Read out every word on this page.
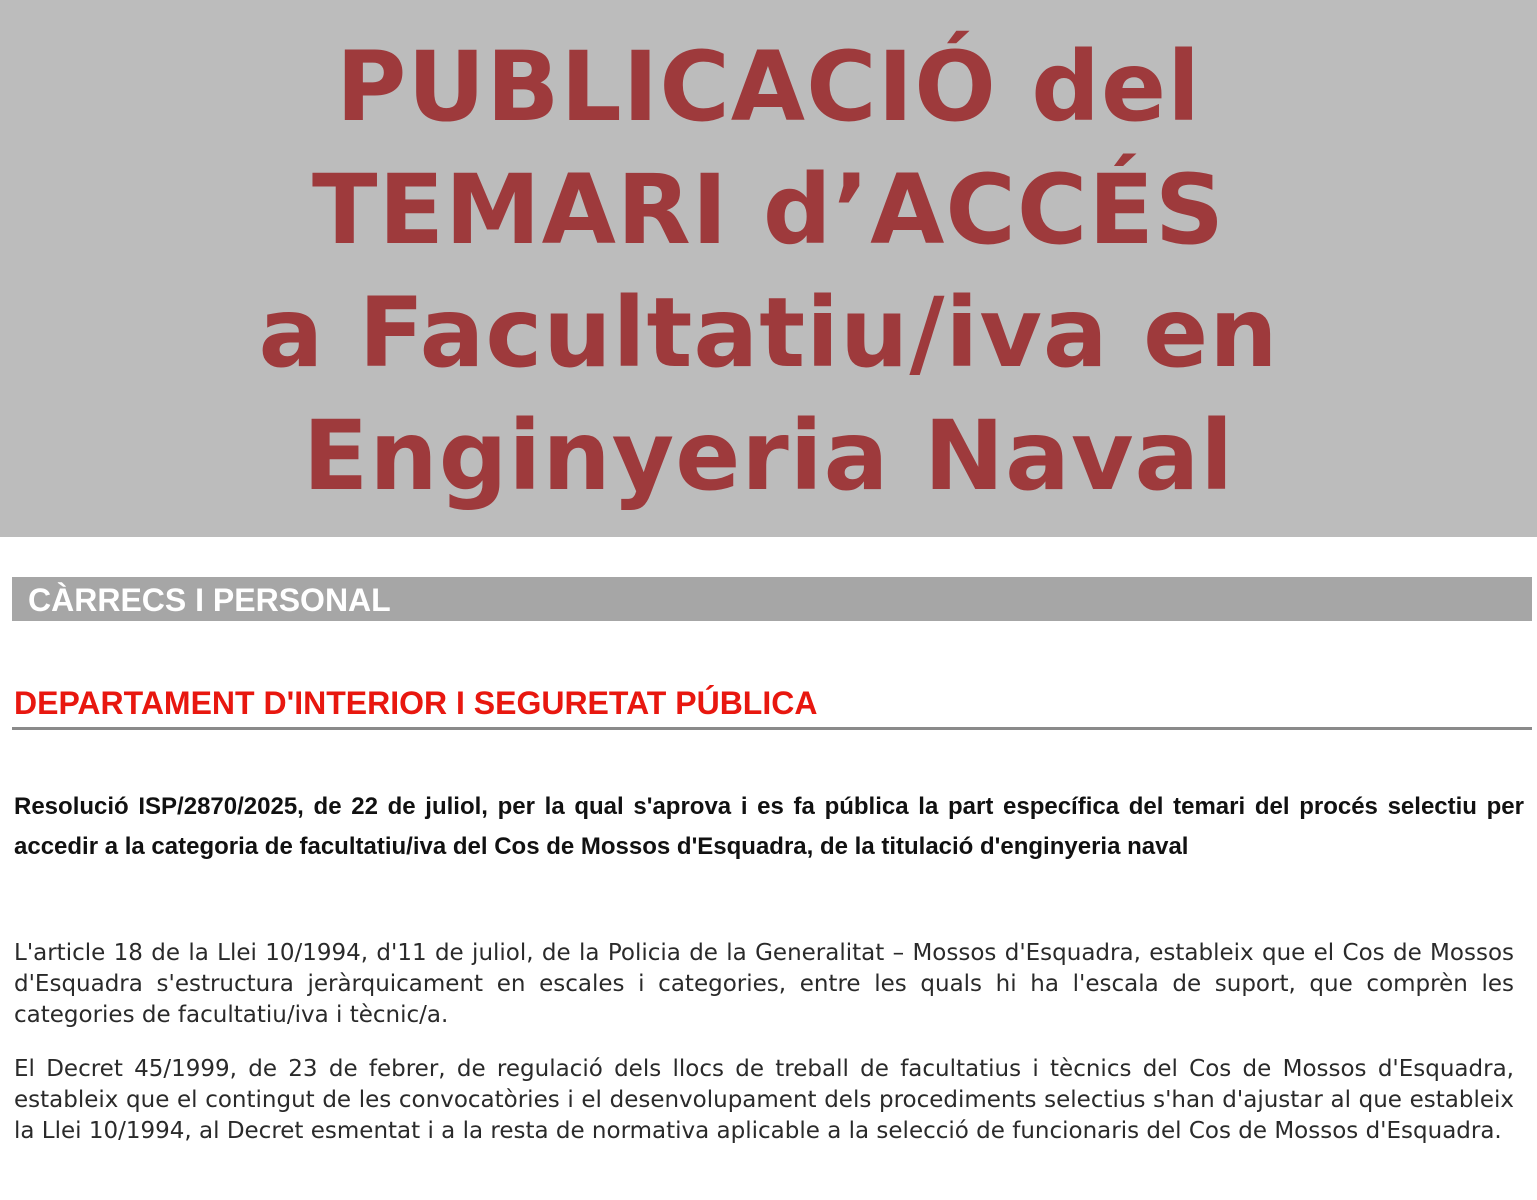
PUBLICACIÓ del
TEMARI d’ACCÉS
a Facultatiu/iva en
Enginyeria Naval
CÀRRECS I PERSONAL
DEPARTAMENT D'INTERIOR I SEGURETAT PÚBLICA

Resolució ISP/2870/2025, de 22 de juliol, per la qual s'aprova i es fa pública la part específica del temari del procés selectiu per accedir a la categoria de facultatiu/iva del Cos de Mossos d'Esquadra, de la titulació d'enginyeria naval

L'article 18 de la Llei 10/1994, d'11 de juliol, de la Policia de la Generalitat – Mossos d'Esquadra, estableix que el Cos de Mossos d'Esquadra s'estructura jeràrquicament en escales i categories, entre les quals hi ha l'escala de suport, que comprèn les categories de facultatiu/iva i tècnic/a.

El Decret 45/1999, de 23 de febrer, de regulació dels llocs de treball de facultatius i tècnics del Cos de Mossos d'Esquadra, estableix que el contingut de les convocatòries i el desenvolupament dels procediments selectius s'han d'ajustar al que estableix la Llei 10/1994, al Decret esmentat i a la resta de normativa aplicable a la selecció de funcionaris del Cos de Mossos d'Esquadra.
